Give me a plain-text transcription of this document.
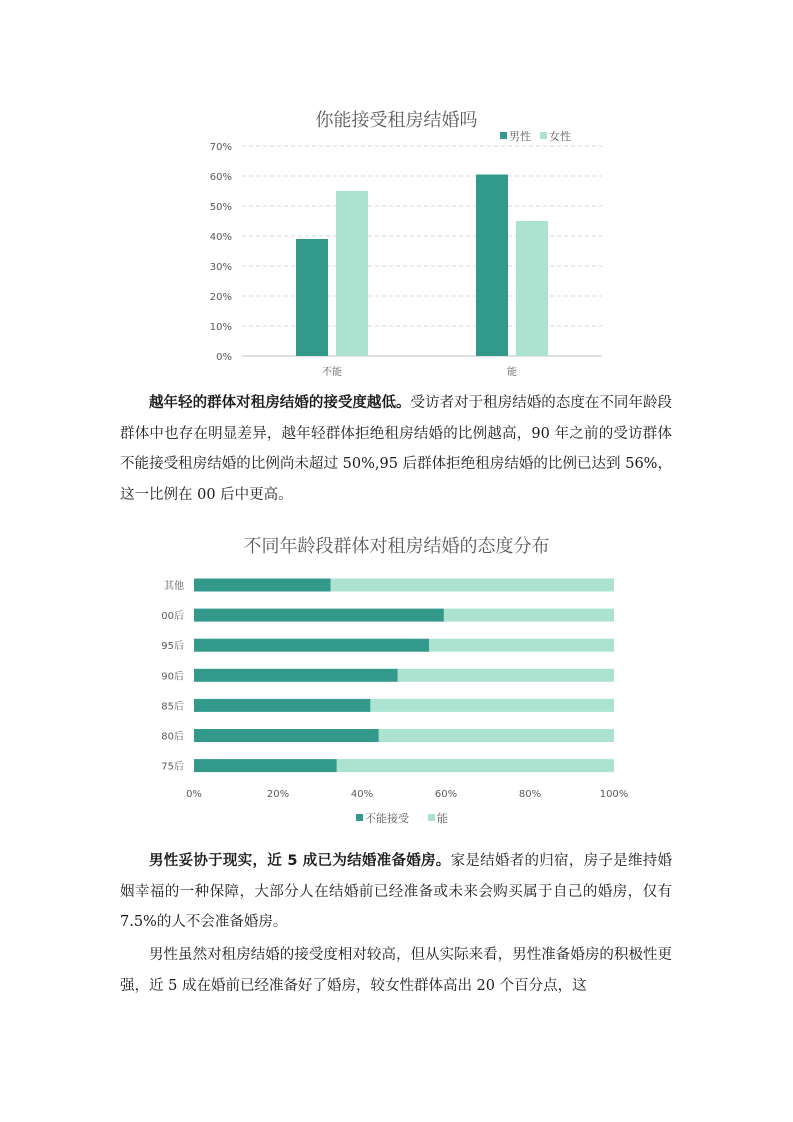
你能接受租房结婚吗
0%
10%
20%
30%
40%
50%
60%
70%
不能	能
男性 女性

越年轻的群体对租房结婚的接受度越低。受访者对于租房结婚的态度在不同年龄段群体中也存在明显差异，越年轻群体拒绝租房结婚的比例越高，90 年之前的受访群体不能接受租房结婚的比例尚未超过 50%,95 后群体拒绝租房结婚的比例已达到 56%，这一比例在 00 后中更高。

不同年龄段群体对租房结婚的态度分布
其他
00后
95后
90后
85后
80后
75后
0%	20%	40%	60%	80%	100%
不能接受	能

男性妥协于现实，近 5 成已为结婚准备婚房。家是结婚者的归宿，房子是维持婚姻幸福的一种保障，大部分人在结婚前已经准备或未来会购买属于自己的婚房，仅有 7.5%的人不会准备婚房。

男性虽然对租房结婚的接受度相对较高，但从实际来看，男性准备婚房的积极性更强，近 5 成在婚前已经准备好了婚房，较女性群体高出 20 个百分点，这
